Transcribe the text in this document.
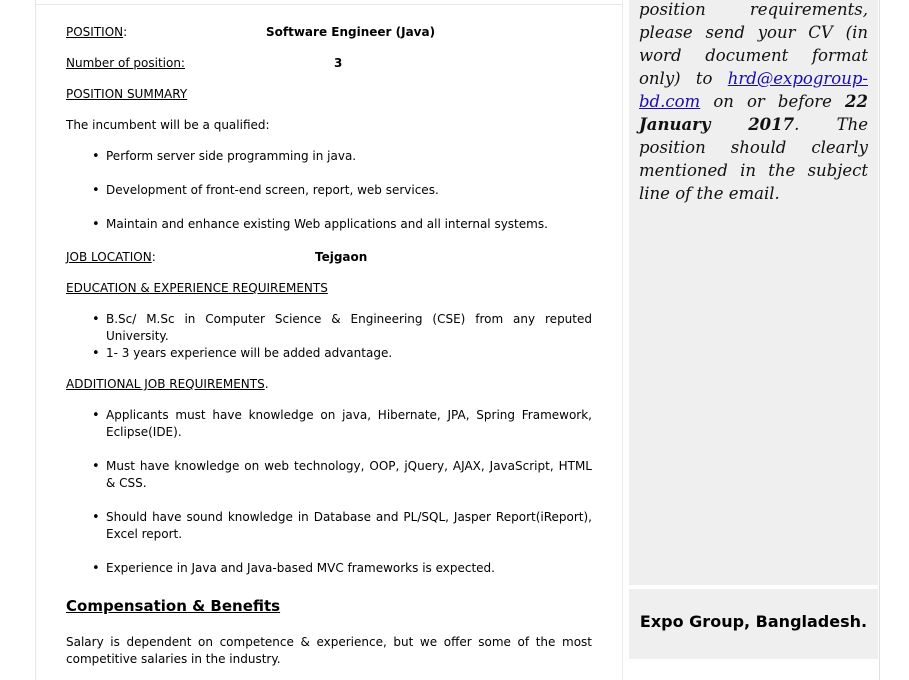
POSITION:	Software Engineer (Java)
Number of position:	3
POSITION SUMMARY
The incumbent will be a qualified:
• Perform server side programming in java.
• Development of front-end screen, report, web services.
• Maintain and enhance existing Web applications and all internal systems.
JOB LOCATION:	Tejgaon
EDUCATION & EXPERIENCE REQUIREMENTS
• B.Sc/ M.Sc in Computer Science & Engineering (CSE) from any reputed University.
• 1- 3 years experience will be added advantage.
ADDITIONAL JOB REQUIREMENTS.
• Applicants must have knowledge on java, Hibernate, JPA, Spring Framework, Eclipse(IDE).
• Must have knowledge on web technology, OOP, jQuery, AJAX, JavaScript, HTML & CSS.
• Should have sound knowledge in Database and PL/SQL, Jasper Report(iReport), Excel report.
• Experience in Java and Java-based MVC frameworks is expected.
Compensation & Benefits
Salary is dependent on competence & experience, but we offer some of the most competitive salaries in the industry.
position requirements, please send your CV (in word document format only) to hrd@expogroup-bd.com on or before 22 January 2017. The position should clearly mentioned in the subject line of the email.
Expo Group, Bangladesh.
